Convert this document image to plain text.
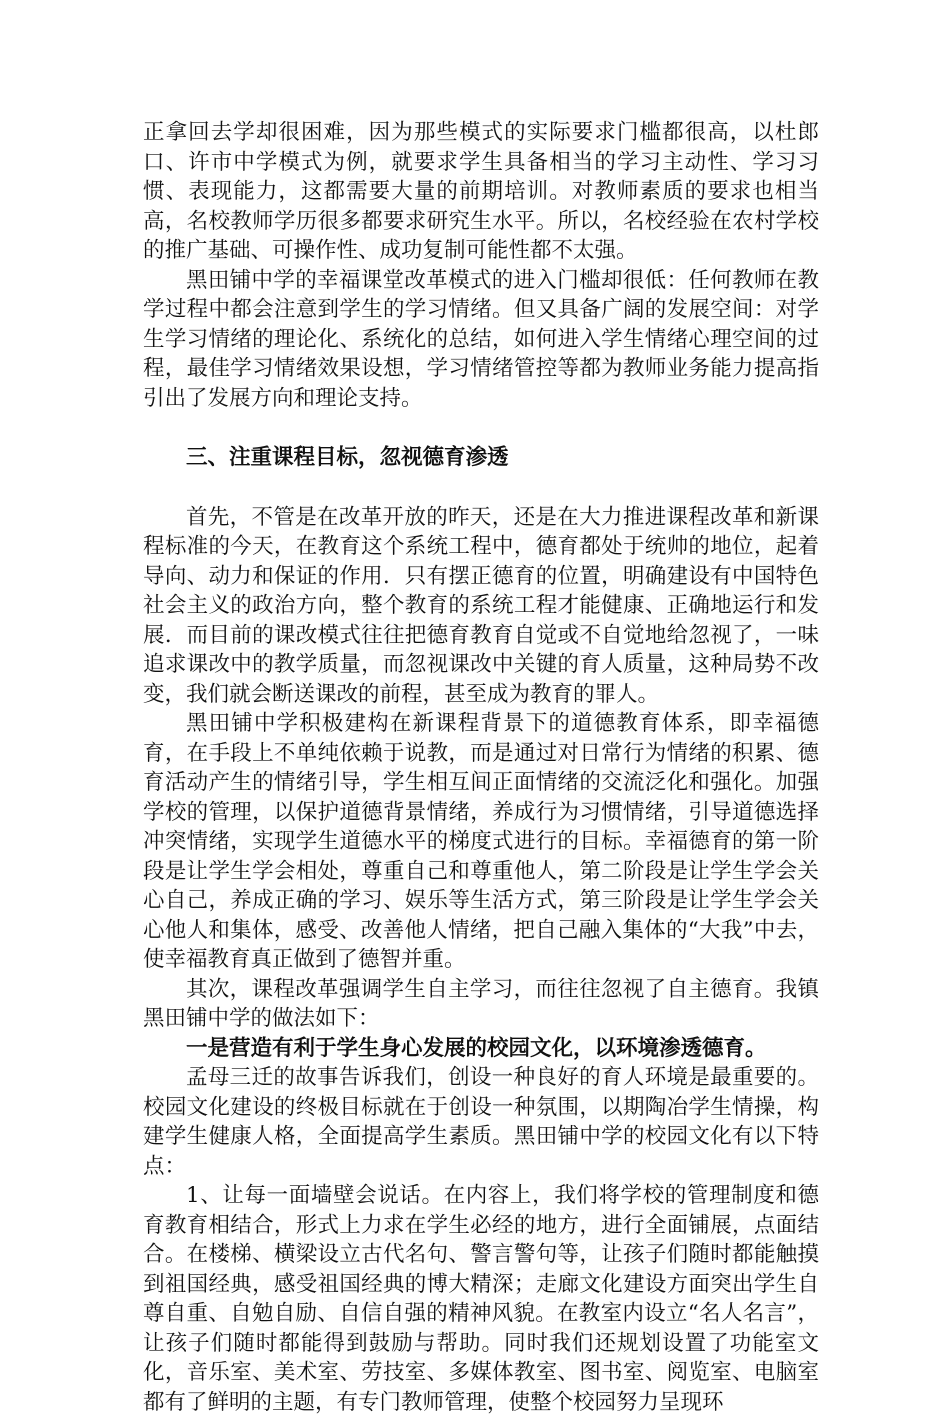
正拿回去学却很困难，因为那些模式的实际要求门槛都很高，以杜郎口、许市中学模式为例，就要求学生具备相当的学习主动性、学习习惯、表现能力，这都需要大量的前期培训。对教师素质的要求也相当高，名校教师学历很多都要求研究生水平。所以，名校经验在农村学校的推广基础、可操作性、成功复制可能性都不太强。

黑田铺中学的幸福课堂改革模式的进入门槛却很低：任何教师在教学过程中都会注意到学生的学习情绪。但又具备广阔的发展空间：对学生学习情绪的理论化、系统化的总结，如何进入学生情绪心理空间的过程，最佳学习情绪效果设想，学习情绪管控等都为教师业务能力提高指引出了发展方向和理论支持。

三、注重课程目标，忽视德育渗透

首先，不管是在改革开放的昨天，还是在大力推进课程改革和新课程标准的今天，在教育这个系统工程中，德育都处于统帅的地位，起着导向、动力和保证的作用．只有摆正德育的位置，明确建设有中国特色社会主义的政治方向，整个教育的系统工程才能健康、正确地运行和发展．而目前的课改模式往往把德育教育自觉或不自觉地给忽视了，一味追求课改中的教学质量，而忽视课改中关键的育人质量，这种局势不改变，我们就会断送课改的前程，甚至成为教育的罪人。

黑田铺中学积极建构在新课程背景下的道德教育体系，即幸福德育，在手段上不单纯依赖于说教，而是通过对日常行为情绪的积累、德育活动产生的情绪引导，学生相互间正面情绪的交流泛化和强化。加强学校的管理，以保护道德背景情绪，养成行为习惯情绪，引导道德选择冲突情绪，实现学生道德水平的梯度式进行的目标。幸福德育的第一阶段是让学生学会相处，尊重自己和尊重他人，第二阶段是让学生学会关心自己，养成正确的学习、娱乐等生活方式，第三阶段是让学生学会关心他人和集体，感受、改善他人情绪，把自己融入集体的“大我”中去，使幸福教育真正做到了德智并重。

其次，课程改革强调学生自主学习，而往往忽视了自主德育。我镇黑田铺中学的做法如下：

一是营造有利于学生身心发展的校园文化，以环境渗透德育。

孟母三迁的故事告诉我们，创设一种良好的育人环境是最重要的。校园文化建设的终极目标就在于创设一种氛围，以期陶冶学生情操，构建学生健康人格，全面提高学生素质。黑田铺中学的校园文化有以下特点：

1、让每一面墙壁会说话。在内容上，我们将学校的管理制度和德育教育相结合，形式上力求在学生必经的地方，进行全面铺展，点面结合。在楼梯、横梁设立古代名句、警言警句等，让孩子们随时都能触摸到祖国经典，感受祖国经典的博大精深；走廊文化建设方面突出学生自尊自重、自勉自励、自信自强的精神风貌。在教室内设立“名人名言”，让孩子们随时都能得到鼓励与帮助。同时我们还规划设置了功能室文化，音乐室、美术室、劳技室、多媒体教室、图书室、阅览室、电脑室都有了鲜明的主题，有专门教师管理，使整个校园努力呈现环
